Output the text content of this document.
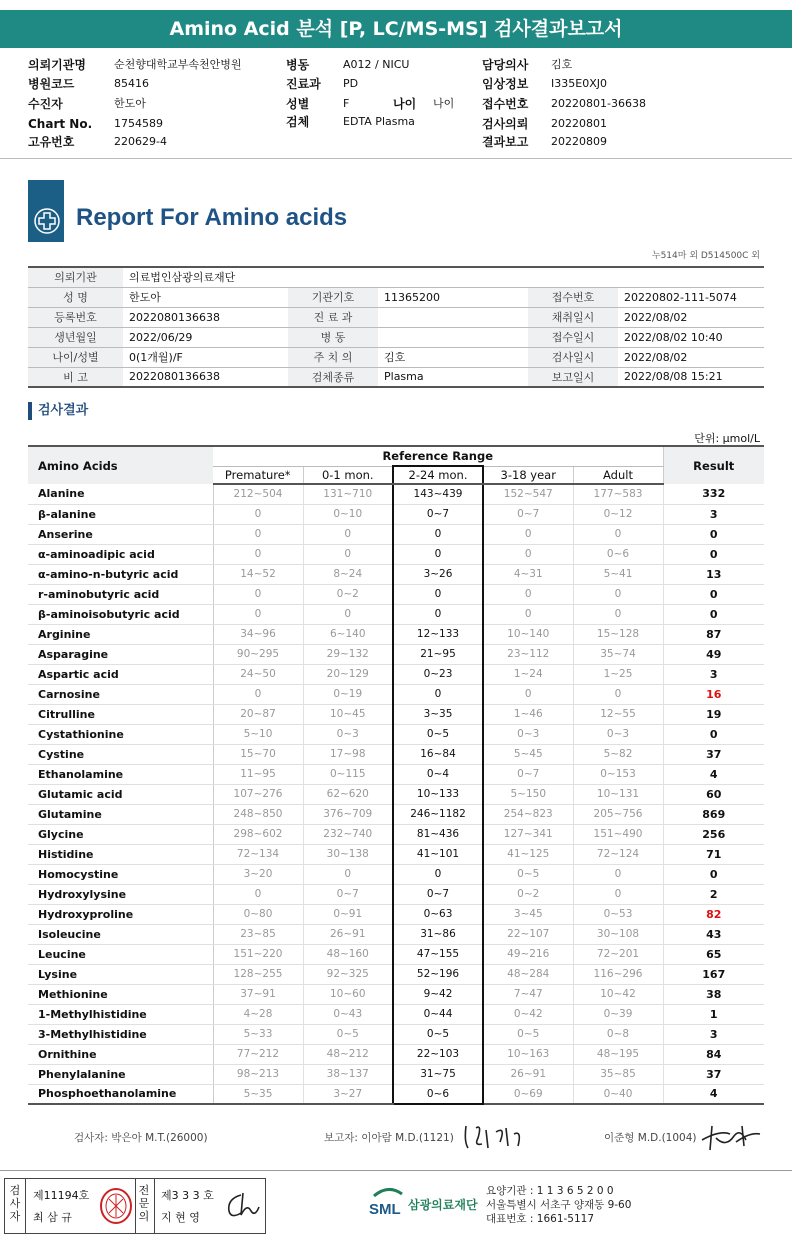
Amino Acid 분석 [P, LC/MS-MS] 검사결과보고서
의뢰기관명	순천향대학교부속천안병원
병원코드	85416
수진자	한도아
Chart No. 1754589
고유번호	220629-4
병동	A012 / NICU
진료과 PD
성별	F
검체	EDTA Plasma
나이 나이
담당의사 김호
임상정보 I335E0XJ0
접수번호 20220801-36638
검사의뢰 20220801
결과보고 20220809
Report For Amino acids
누514마 외 D514500C 외
의뢰기관	의료법인삼광의료재단				
성 명	한도아	기관기호	11365200	접수번호	20220802-111-5074
등록번호	2022080136638	진 료 과		채취일시	2022/08/02
생년월일	2022/06/29	병 동		접수일시	2022/08/02 10:40
나이/성별	0(1개월)/F	주 치 의	김호	검사일시	2022/08/02
비 고	2022080136638	검체종류	Plasma	보고일시	2022/08/08 15:21
검사결과
단위: μmol/L
Amino Acids	Reference Range					Result
	Premature*	0-1 mon.	2-24 mon.	3-18 year	Adult	
Alanine	212~504	131~710	143~439	152~547	177~583	332
β-alanine	0	0~10	0~7	0~7	0~12	3
Anserine	0	0	0	0	0	0
α-aminoadipic acid	0	0	0	0	0~6	0
α-amino-n-butyric acid	14~52	8~24	3~26	4~31	5~41	13
r-aminobutyric acid	0	0~2	0	0	0	0
β-aminoisobutyric acid	0	0	0	0	0	0
Arginine	34~96	6~140	12~133	10~140	15~128	87
Asparagine	90~295	29~132	21~95	23~112	35~74	49
Aspartic acid	24~50	20~129	0~23	1~24	1~25	3
Carnosine	0	0~19	0	0	0	16
Citrulline	20~87	10~45	3~35	1~46	12~55	19
Cystathionine	5~10	0~3	0~5	0~3	0~3	0
Cystine	15~70	17~98	16~84	5~45	5~82	37
Ethanolamine	11~95	0~115	0~4	0~7	0~153	4
Glutamic acid	107~276	62~620	10~133	5~150	10~131	60
Glutamine	248~850	376~709	246~1182	254~823	205~756	869
Glycine	298~602	232~740	81~436	127~341	151~490	256
Histidine	72~134	30~138	41~101	41~125	72~124	71
Homocystine	3~20	0	0	0~5	0	0
Hydroxylysine	0	0~7	0~7	0~2	0	2
Hydroxyproline	0~80	0~91	0~63	3~45	0~53	82
Isoleucine	23~85	26~91	31~86	22~107	30~108	43
Leucine	151~220	48~160	47~155	49~216	72~201	65
Lysine	128~255	92~325	52~196	48~284	116~296	167
Methionine	37~91	10~60	9~42	7~47	10~42	38
1-Methylhistidine	4~28	0~43	0~44	0~42	0~39	1
3-Methylhistidine	5~33	0~5	0~5	0~5	0~8	3
Ornithine	77~212	48~212	22~103	10~163	48~195	84
Phenylalanine	98~213	38~137	31~75	26~91	35~85	37
Phosphoethanolamine	5~35	3~27	0~6	0~69	0~40	4
검사자: 박은아 M.T.(26000)	보고자: 이아람 M.D.(1121)	이준형 M.D.(1004)
검사자
제11194호
최 삼 규
전문의
제3 3 3 호
지 현 영	SML 삼광의료재단
요양기관 : 1 1 3 6 5 2 0 0
서울특별시 서초구 양재동 9-60
대표번호 : 1661-5117
